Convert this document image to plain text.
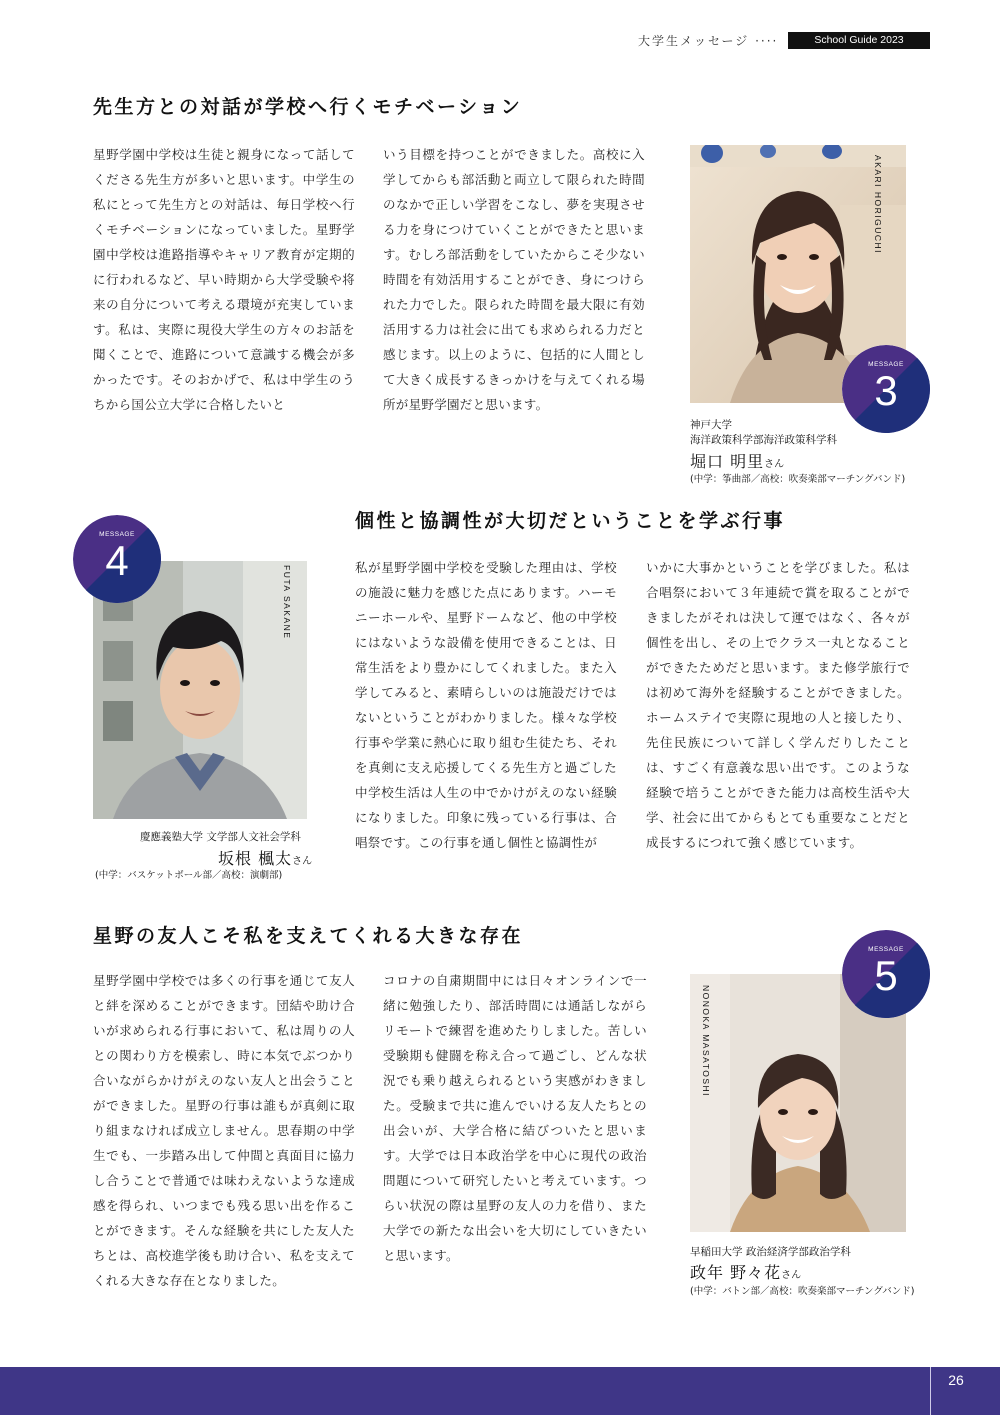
大学生メッセージ ····	School Guide 2023
先生方との対話が学校へ行くモチベーション
星野学園中学校は生徒と親身になって話してくださる先生方が多いと思います。中学生の私にとって先生方との対話は、毎日学校へ行くモチベーションになっていました。星野学園中学校は進路指導やキャリア教育が定期的に行われるなど、早い時期から大学受験や将来の自分について考える環境が充実しています。私は、実際に現役大学生の方々のお話を聞くことで、進路について意識する機会が多かったです。そのおかげで、私は中学生のうちから国公立大学に合格したいと
いう目標を持つことができました。高校に入学してからも部活動と両立して限られた時間のなかで正しい学習をこなし、夢を実現させる力を身につけていくことができたと思います。むしろ部活動をしていたからこそ少ない時間を有効活用することができ、身につけられた力でした。限られた時間を最大限に有効活用する力は社会に出ても求められる力だと感じます。以上のように、包括的に人間として大きく成長するきっかけを与えてくれる場所が星野学園だと思います。
AKARI HORIGUCHI
MESSAGE
3
神戸大学
海洋政策科学部海洋政策科学科
堀口 明里さん
(中学：筝曲部／高校：吹奏楽部マーチングバンド)
個性と協調性が大切だということを学ぶ行事
FUTA SAKANE
MESSAGE
4	私が星野学園中学校を受験した理由は、学校の施設に魅力を感じた点にあります。ハーモニーホールや、星野ドームなど、他の中学校にはないような設備を使用できることは、日常生活をより豊かにしてくれました。また入学してみると、素晴らしいのは施設だけではないということがわかりました。様々な学校行事や学業に熱心に取り組む生徒たち、それを真剣に支え応援してくる先生方と過ごした中学校生活は人生の中でかけがえのない経験になりました。印象に残っている行事は、合唱祭です。この行事を通し個性と協調性が
いかに大事かということを学びました。私は合唱祭において３年連続で賞を取ることができましたがそれは決して運ではなく、各々が個性を出し、その上でクラス一丸となることができたためだと思います。また修学旅行では初めて海外を経験することができました。ホームステイで実際に現地の人と接したり、先住民族について詳しく学んだりしたことは、すごく有意義な思い出です。このような経験で培うことができた能力は高校生活や大学、社会に出てからもとても重要なことだと成長するにつれて強く感じています。
慶應義塾大学 文学部人文社会学科
坂根 楓太さん
(中学：バスケットボール部／高校：演劇部)
星野の友人こそ私を支えてくれる大きな存在
星野学園中学校では多くの行事を通じて友人と絆を深めることができます。団結や助け合いが求められる行事において、私は周りの人との関わり方を模索し、時に本気でぶつかり合いながらかけがえのない友人と出会うことができました。星野の行事は誰もが真剣に取り組まなければ成立しません。思春期の中学生でも、一歩踏み出して仲間と真面目に協力し合うことで普通では味わえないような達成感を得られ、いつまでも残る思い出を作ることができます。そんな経験を共にした友人たちとは、高校進学後も助け合い、私を支えてくれる大きな存在となりました。
コロナの自粛期間中には日々オンラインで一緒に勉強したり、部活時間には通話しながらリモートで練習を進めたりしました。苦しい受験期も健闘を称え合って過ごし、どんな状況でも乗り越えられるという実感がわきました。受験まで共に進んでいける友人たちとの出会いが、大学合格に結びついたと思います。大学では日本政治学を中心に現代の政治問題について研究したいと考えています。つらい状況の際は星野の友人の力を借り、また大学での新たな出会いを大切にしていきたいと思います。
NONOKA MASATOSHI
MESSAGE
5
早稲田大学 政治経済学部政治学科
政年 野々花さん
(中学：バトン部／高校：吹奏楽部マーチングバンド)
26
